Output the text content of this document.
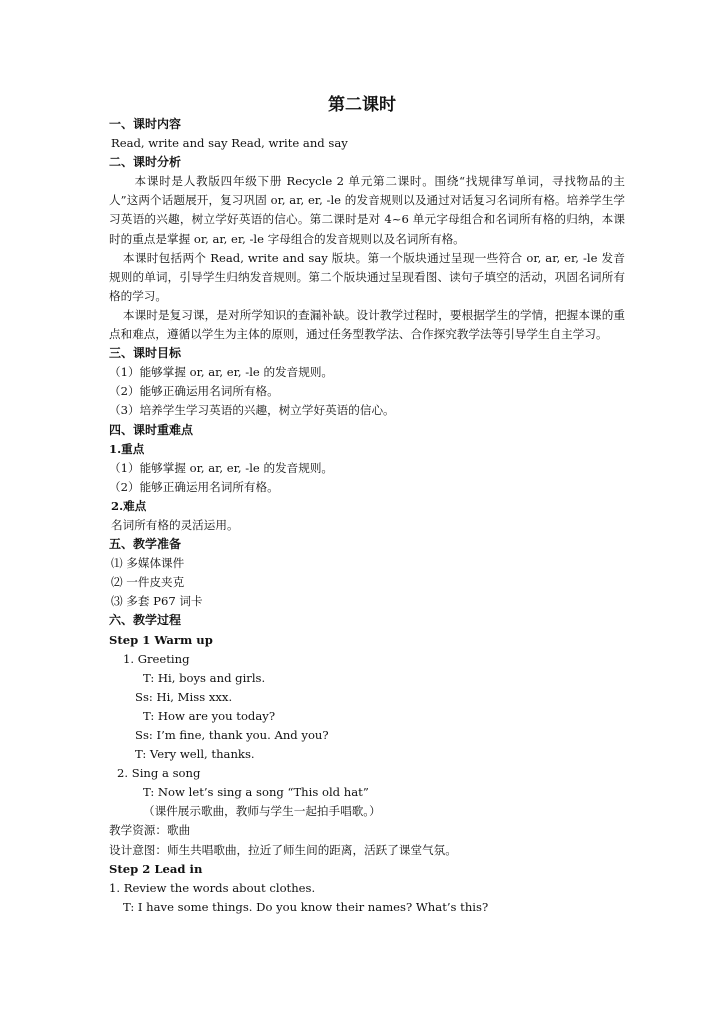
第二课时
一、课时内容
Read, write and say Read, write and say
二、课时分析
本课时是人教版四年级下册 Recycle 2 单元第二课时。围绕“找规律写单词，寻找物品的主人”这两个话题展开，复习巩固 or, ar, er, -le 的发音规则以及通过对话复习名词所有格。培养学生学习英语的兴趣，树立学好英语的信心。第二课时是对 4~6 单元字母组合和名词所有格的归纳，本课时的重点是掌握 or, ar, er, -le 字母组合的发音规则以及名词所有格。
本课时包括两个 Read, write and say 版块。第一个版块通过呈现一些符合 or, ar, er, -le 发音规则的单词，引导学生归纳发音规则。第二个版块通过呈现看图、读句子填空的活动，巩固名词所有格的学习。
本课时是复习课，是对所学知识的查漏补缺。设计教学过程时，要根据学生的学情，把握本课的重点和难点，遵循以学生为主体的原则，通过任务型教学法、合作探究教学法等引导学生自主学习。
三、课时目标
（1）能够掌握 or, ar, er, -le 的发音规则。
（2）能够正确运用名词所有格。
（3）培养学生学习英语的兴趣，树立学好英语的信心。
四、课时重难点
1.重点
（1）能够掌握 or, ar, er, -le 的发音规则。
（2）能够正确运用名词所有格。
2.难点
名词所有格的灵活运用。
五、教学准备
⑴ 多媒体课件
⑵ 一件皮夹克
⑶ 多套 P67 词卡
六、教学过程
Step 1 Warm up
1. Greeting
T: Hi, boys and girls.
Ss: Hi, Miss xxx.
T: How are you today?
Ss: I’m fine, thank you. And you?
T: Very well, thanks.
2. Sing a song
T: Now let’s sing a song “This old hat”
（课件展示歌曲，教师与学生一起拍手唱歌。）
教学资源：歌曲
设计意图：师生共唱歌曲，拉近了师生间的距离，活跃了课堂气氛。
Step 2 Lead in
1. Review the words about clothes.
T: I have some things. Do you know their names? What’s this?
